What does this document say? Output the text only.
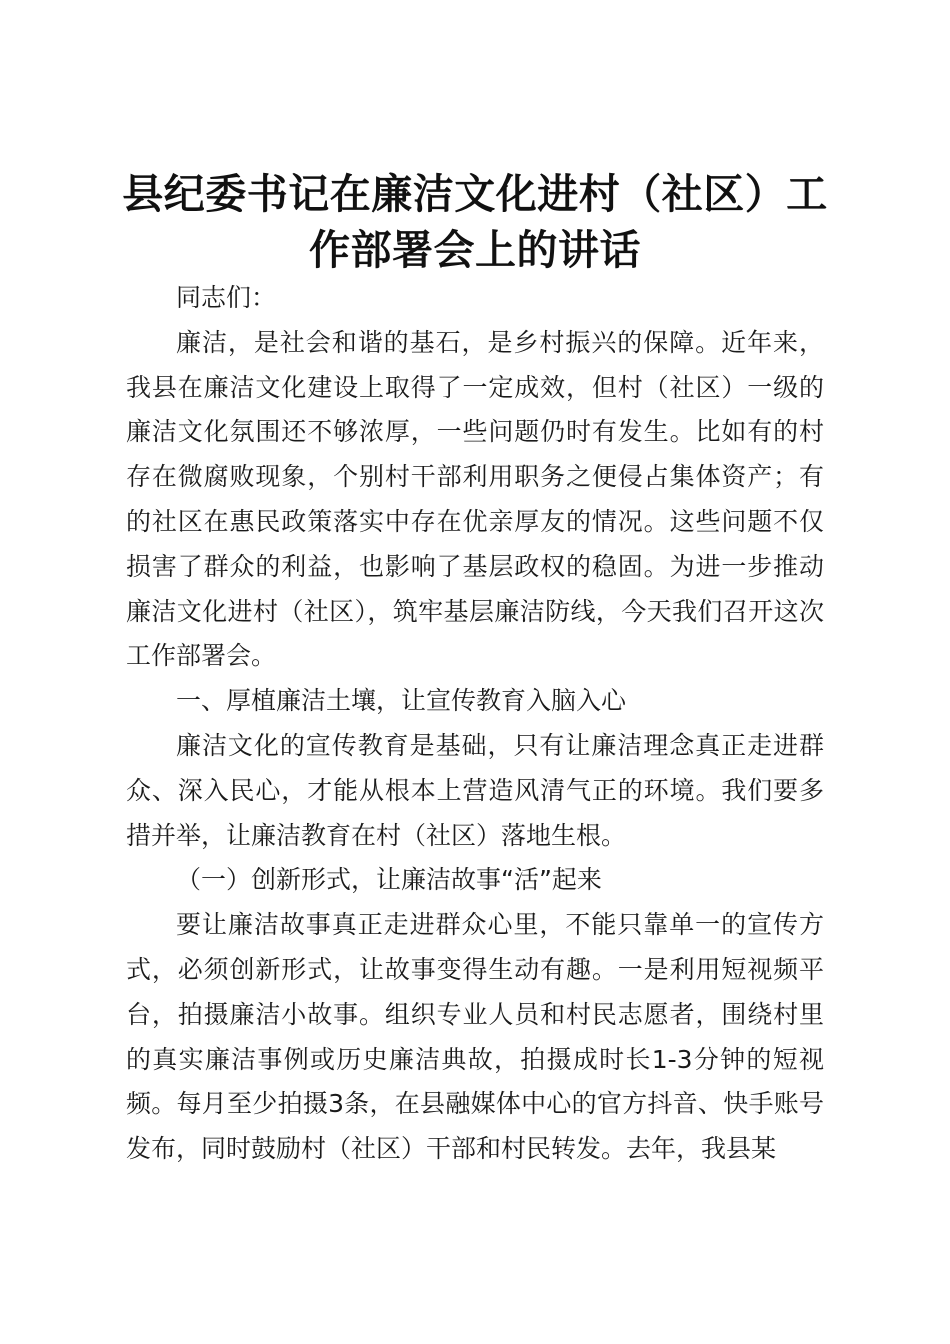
县纪委书记在廉洁文化进村（社区）工作部署会上的讲话

同志们：

廉洁，是社会和谐的基石，是乡村振兴的保障。近年来，我县在廉洁文化建设上取得了一定成效，但村（社区）一级的廉洁文化氛围还不够浓厚，一些问题仍时有发生。比如有的村存在微腐败现象，个别村干部利用职务之便侵占集体资产；有的社区在惠民政策落实中存在优亲厚友的情况。这些问题不仅损害了群众的利益，也影响了基层政权的稳固。为进一步推动廉洁文化进村（社区），筑牢基层廉洁防线，今天我们召开这次工作部署会。

一、厚植廉洁土壤，让宣传教育入脑入心

廉洁文化的宣传教育是基础，只有让廉洁理念真正走进群众、深入民心，才能从根本上营造风清气正的环境。我们要多措并举，让廉洁教育在村（社区）落地生根。

（一）创新形式，让廉洁故事“活”起来

要让廉洁故事真正走进群众心里，不能只靠单一的宣传方式，必须创新形式，让故事变得生动有趣。一是利用短视频平台，拍摄廉洁小故事。组织专业人员和村民志愿者，围绕村里的真实廉洁事例或历史廉洁典故，拍摄成时长1-3分钟的短视频。每月至少拍摄3条，在县融媒体中心的官方抖音、快手账号发布，同时鼓励村（社区）干部和村民转发。去年，我县某
